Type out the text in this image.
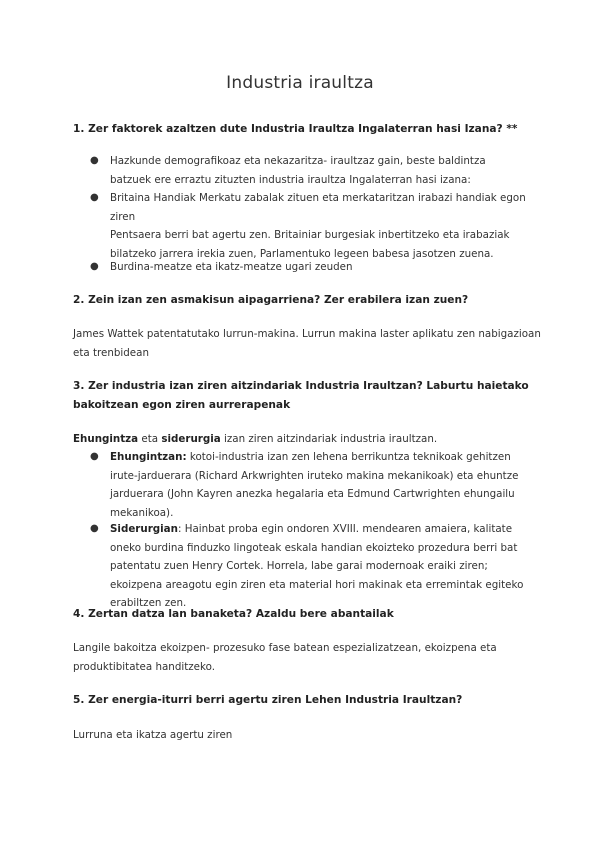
Industria iraultza
1. Zer faktorek azaltzen dute Industria Iraultza Ingalaterran hasi Izana? **
● Hazkunde demografikoaz eta nekazaritza- iraultzaz gain, beste baldintza batzuek ere erraztu zituzten industria iraultza Ingalaterran hasi izana:
● Britaina Handiak Merkatu zabalak zituen eta merkataritzan irabazi handiak egon ziren
Pentsaera berri bat agertu zen. Britainiar burgesiak inbertitzeko eta irabaziak bilatzeko jarrera irekia zuen, Parlamentuko legeen babesa jasotzen zuena.
● Burdina-meatze eta ikatz-meatze ugari zeuden
2. Zein izan zen asmakisun aipagarriena? Zer erabilera izan zuen?
James Wattek patentatutako lurrun-makina. Lurrun makina laster aplikatu zen nabigazioan eta trenbidean
3. Zer industria izan ziren aitzindariak Industria Iraultzan? Laburtu haietako bakoitzean egon ziren aurrerapenak
Ehungintza eta siderurgia izan ziren aitzindariak industria iraultzan.
● Ehungintzan: kotoi-industria izan zen lehena berrikuntza teknikoak gehitzen irute-jarduerara (Richard Arkwrighten iruteko makina mekanikoak) eta ehuntze jarduerara (John Kayren anezka hegalaria eta Edmund Cartwrighten ehungailu mekanikoa).
● Siderurgian: Hainbat proba egin ondoren XVIII. mendearen amaiera, kalitate oneko burdina finduzko lingoteak eskala handian ekoizteko prozedura berri bat patentatu zuen Henry Cortek. Horrela, labe garai modernoak eraiki ziren; ekoizpena areagotu egin ziren eta material hori makinak eta erremintak egiteko erabiltzen zen.
4. Zertan datza lan banaketa? Azaldu bere abantailak
Langile bakoitza ekoizpen- prozesuko fase batean espezializatzean, ekoizpena eta produktibitatea handitzeko.
5. Zer energia-iturri berri agertu ziren Lehen Industria Iraultzan?
Lurruna eta ikatza agertu ziren
